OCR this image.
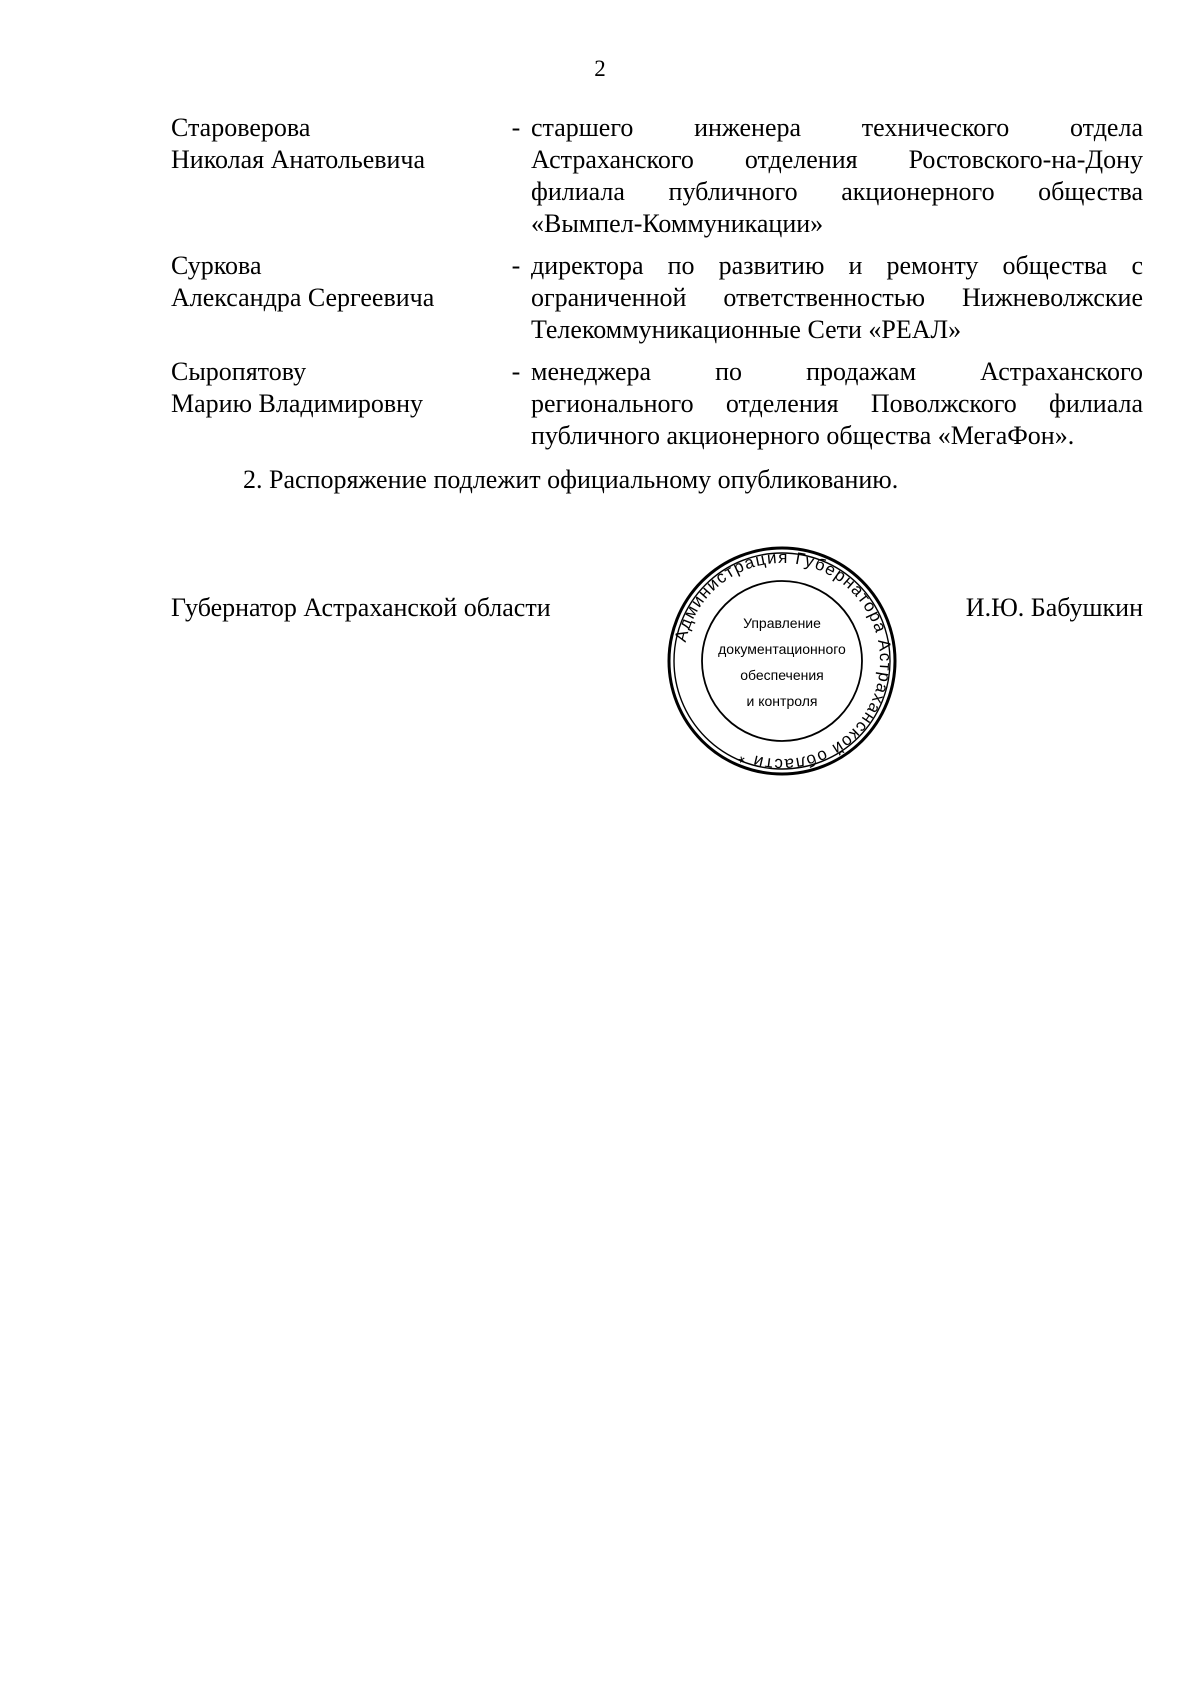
2
Староверова
Николая Анатольевича
- старшего инженера технического отдела
Астраханского отделения Ростовского-на-Дону
филиала публичного акционерного общества
«Вымпел-Коммуникации»
Суркова
Александра Сергеевича
- директора по развитию и ремонту общества с
ограниченной ответственностью Нижневолжские
Телекоммуникационные Сети «РЕАЛ»
Сыропятову
Марию Владимировну
- менеджера по продажам Астраханского
регионального отделения Поволжского филиала
публичного акционерного общества «МегаФон».
2. Распоряжение подлежит официальному опубликованию.
Губернатор Астраханской области	И.Ю. Бабушкин
Администрация Губернатора Астраханской области *
Управление
документационного
обеспечения
и контроля
